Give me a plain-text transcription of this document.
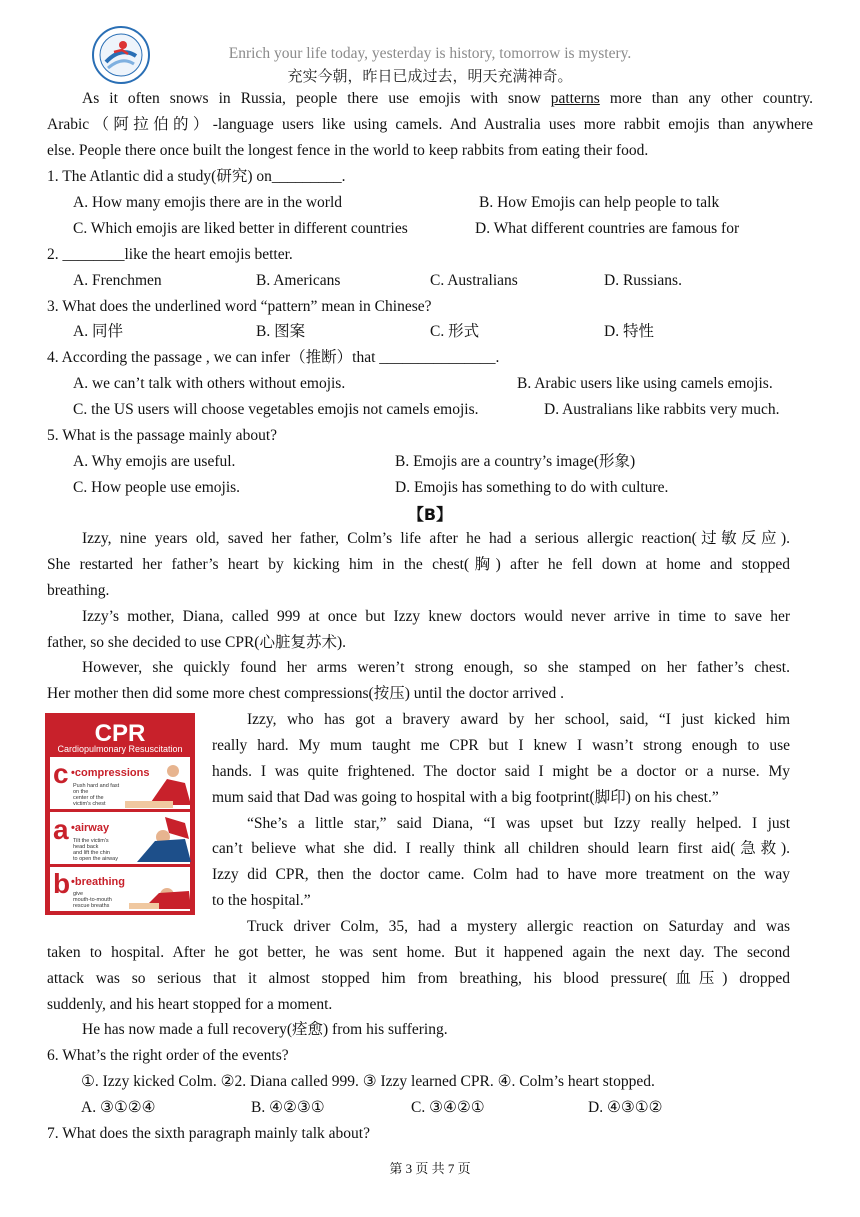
Enrich your life today, yesterday is history, tomorrow is mystery.
充实今朝，昨日已成过去，明天充满神奇。
As it often snows in Russia, people there use emojis with snow patterns more than any other country.
Arabic（阿拉伯的）-language users like using camels. And Australia uses more rabbit emojis than anywhere
else. People there once built the longest fence in the world to keep rabbits from eating their food.
1. The Atlantic did a study(研究) on_________.
A. How many emojis there are in the world	B. How Emojis can help people to talk
C. Which emojis are liked better in different countries	D. What different countries are famous for
2. ________like the heart emojis better.
A. Frenchmen	B. Americans	C. Australians	D. Russians.
3. What does the underlined word “pattern” mean in Chinese?
A. 同伴	B. 图案	C. 形式	D. 特性
4. According the passage , we can infer（推断）that _______________.
A. we can’t talk with others without emojis.	B. Arabic users like using camels emojis.
C. the US users will choose vegetables emojis not camels emojis.	D. Australians like rabbits very much.
5. What is the passage mainly about?
A. Why emojis are useful.	B. Emojis are a country’s image(形象)
C. How people use emojis.	D. Emojis has something to do with culture.
【B】
Izzy, nine years old, saved her father, Colm’s life after he had a serious allergic reaction(过敏反应).
She restarted her father’s heart by kicking him in the chest(胸) after he fell down at home and stopped
breathing.
Izzy’s mother, Diana, called 999 at once but Izzy knew doctors would never arrive in time to save her
father, so she decided to use CPR(心脏复苏术).
However, she quickly found her arms weren’t strong enough, so she stamped on her father’s chest.
Her mother then did some more chest compressions(按压) until the doctor arrived .
CPR
Cardiopulmonary Resuscitation
c •compressions
Push hard and fast
on the
center of the
victim's chest
a •airway
Tilt the victim's
head back
and lift the chin
to open the airway
b •breathing
give
mouth-to-mouth
rescue breaths
Izzy, who has got a bravery award by her school, said, “I just kicked him
really hard. My mum taught me CPR but I knew I wasn’t strong enough to use
hands. I was quite frightened. The doctor said I might be a doctor or a nurse. My
mum said that Dad was going to hospital with a big footprint(脚印) on his chest.”
“She’s a little star,” said Diana, “I was upset but Izzy really helped. I just
can’t believe what she did. I really think all children should learn first aid(急救).
Izzy did CPR, then the doctor came. Colm had to have more treatment on the way
to the hospital.”
Truck driver Colm, 35, had a mystery allergic reaction on Saturday and was
taken to hospital. After he got better, he was sent home. But it happened again the next day. The second
attack was so serious that it almost stopped him from breathing, his blood pressure(血压) dropped
suddenly, and his heart stopped for a moment.
He has now made a full recovery(痊愈) from his suffering.
6. What’s the right order of the events?
①. Izzy kicked Colm. ②2. Diana called 999. ③ Izzy learned CPR. ④. Colm’s heart stopped.
A. ③①②④	B. ④②③①	C. ③④②①	D. ④③①②
7. What does the sixth paragraph mainly talk about?
第 3 页 共 7 页
